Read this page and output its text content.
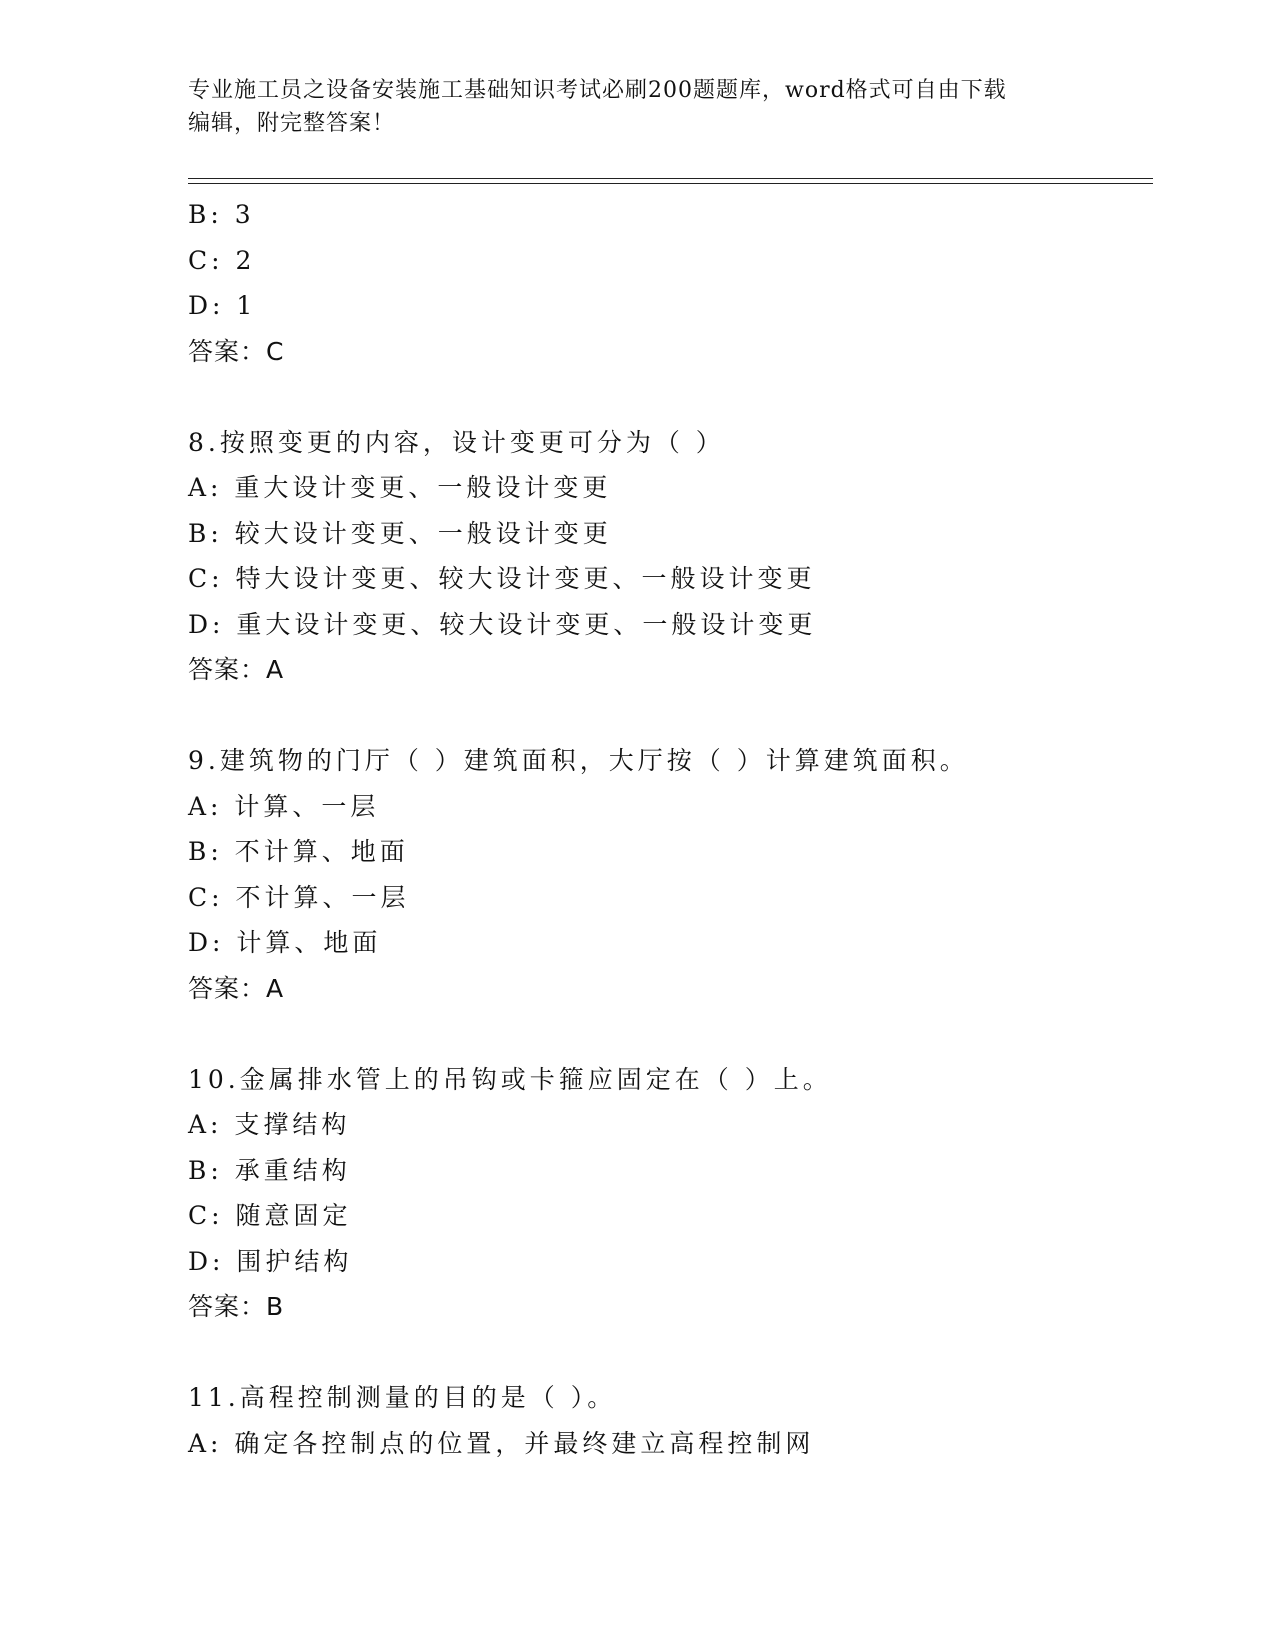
专业施工员之设备安装施工基础知识考试必刷200题题库，word格式可自由下载
编辑，附完整答案！
B: 3
C: 2
D: 1
答案：C
8.按照变更的内容，设计变更可分为（ ）
A: 重大设计变更、一般设计变更
B: 较大设计变更、一般设计变更
C: 特大设计变更、较大设计变更、一般设计变更
D: 重大设计变更、较大设计变更、一般设计变更
答案：A
9.建筑物的门厅（ ）建筑面积，大厅按（ ）计算建筑面积。
A: 计算、一层
B: 不计算、地面
C: 不计算、一层
D: 计算、地面
答案：A
10.金属排水管上的吊钩或卡箍应固定在（ ）上。
A: 支撑结构
B: 承重结构
C: 随意固定
D: 围护结构
答案：B
11.高程控制测量的目的是（ ）。
A: 确定各控制点的位置，并最终建立高程控制网
